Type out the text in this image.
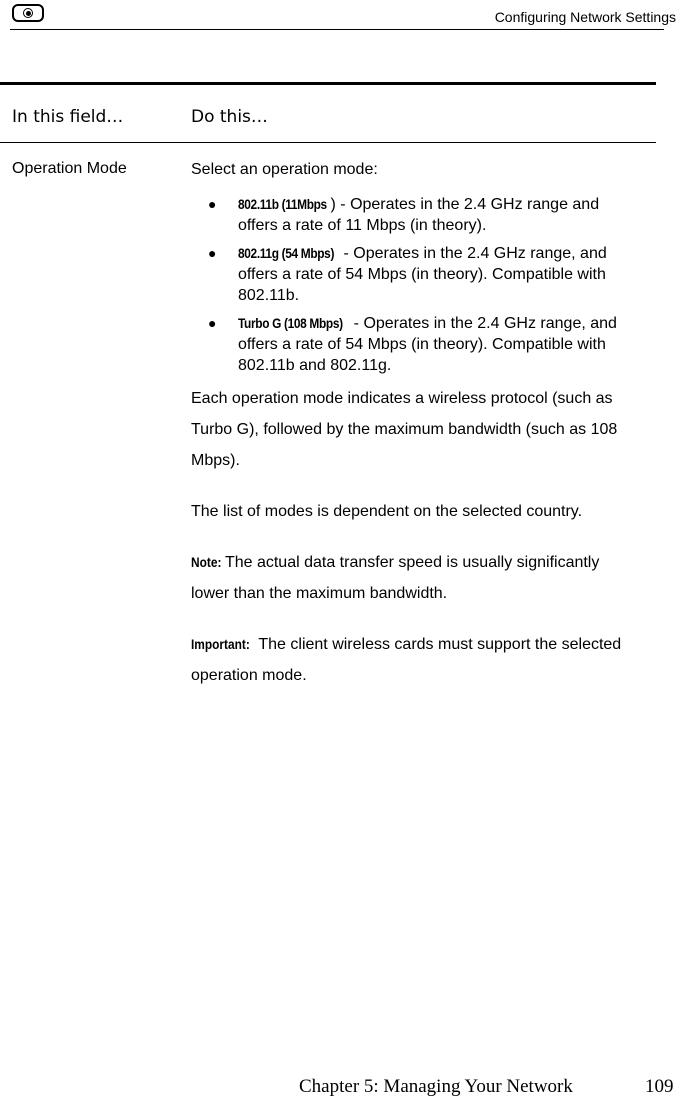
Configuring Network Settings
In this field…	Do this…
Operation Mode	Select an operation mode:

● 802.11b (11Mbps ) - Operates in the 2.4 GHz range and offers a rate of 11 Mbps (in theory).
● 802.11g (54 Mbps) - Operates in the 2.4 GHz range, and offers a rate of 54 Mbps (in theory). Compatible with 802.11b.
● Turbo G (108 Mbps) - Operates in the 2.4 GHz range, and offers a rate of 54 Mbps (in theory). Compatible with 802.11b and 802.11g.

Each operation mode indicates a wireless protocol (such as Turbo G), followed by the maximum bandwidth (such as 108 Mbps).

The list of modes is dependent on the selected country.

Note: The actual data transfer speed is usually significantly lower than the maximum bandwidth.

Important: The client wireless cards must support the selected operation mode.

Chapter 5: Managing Your Network	109
